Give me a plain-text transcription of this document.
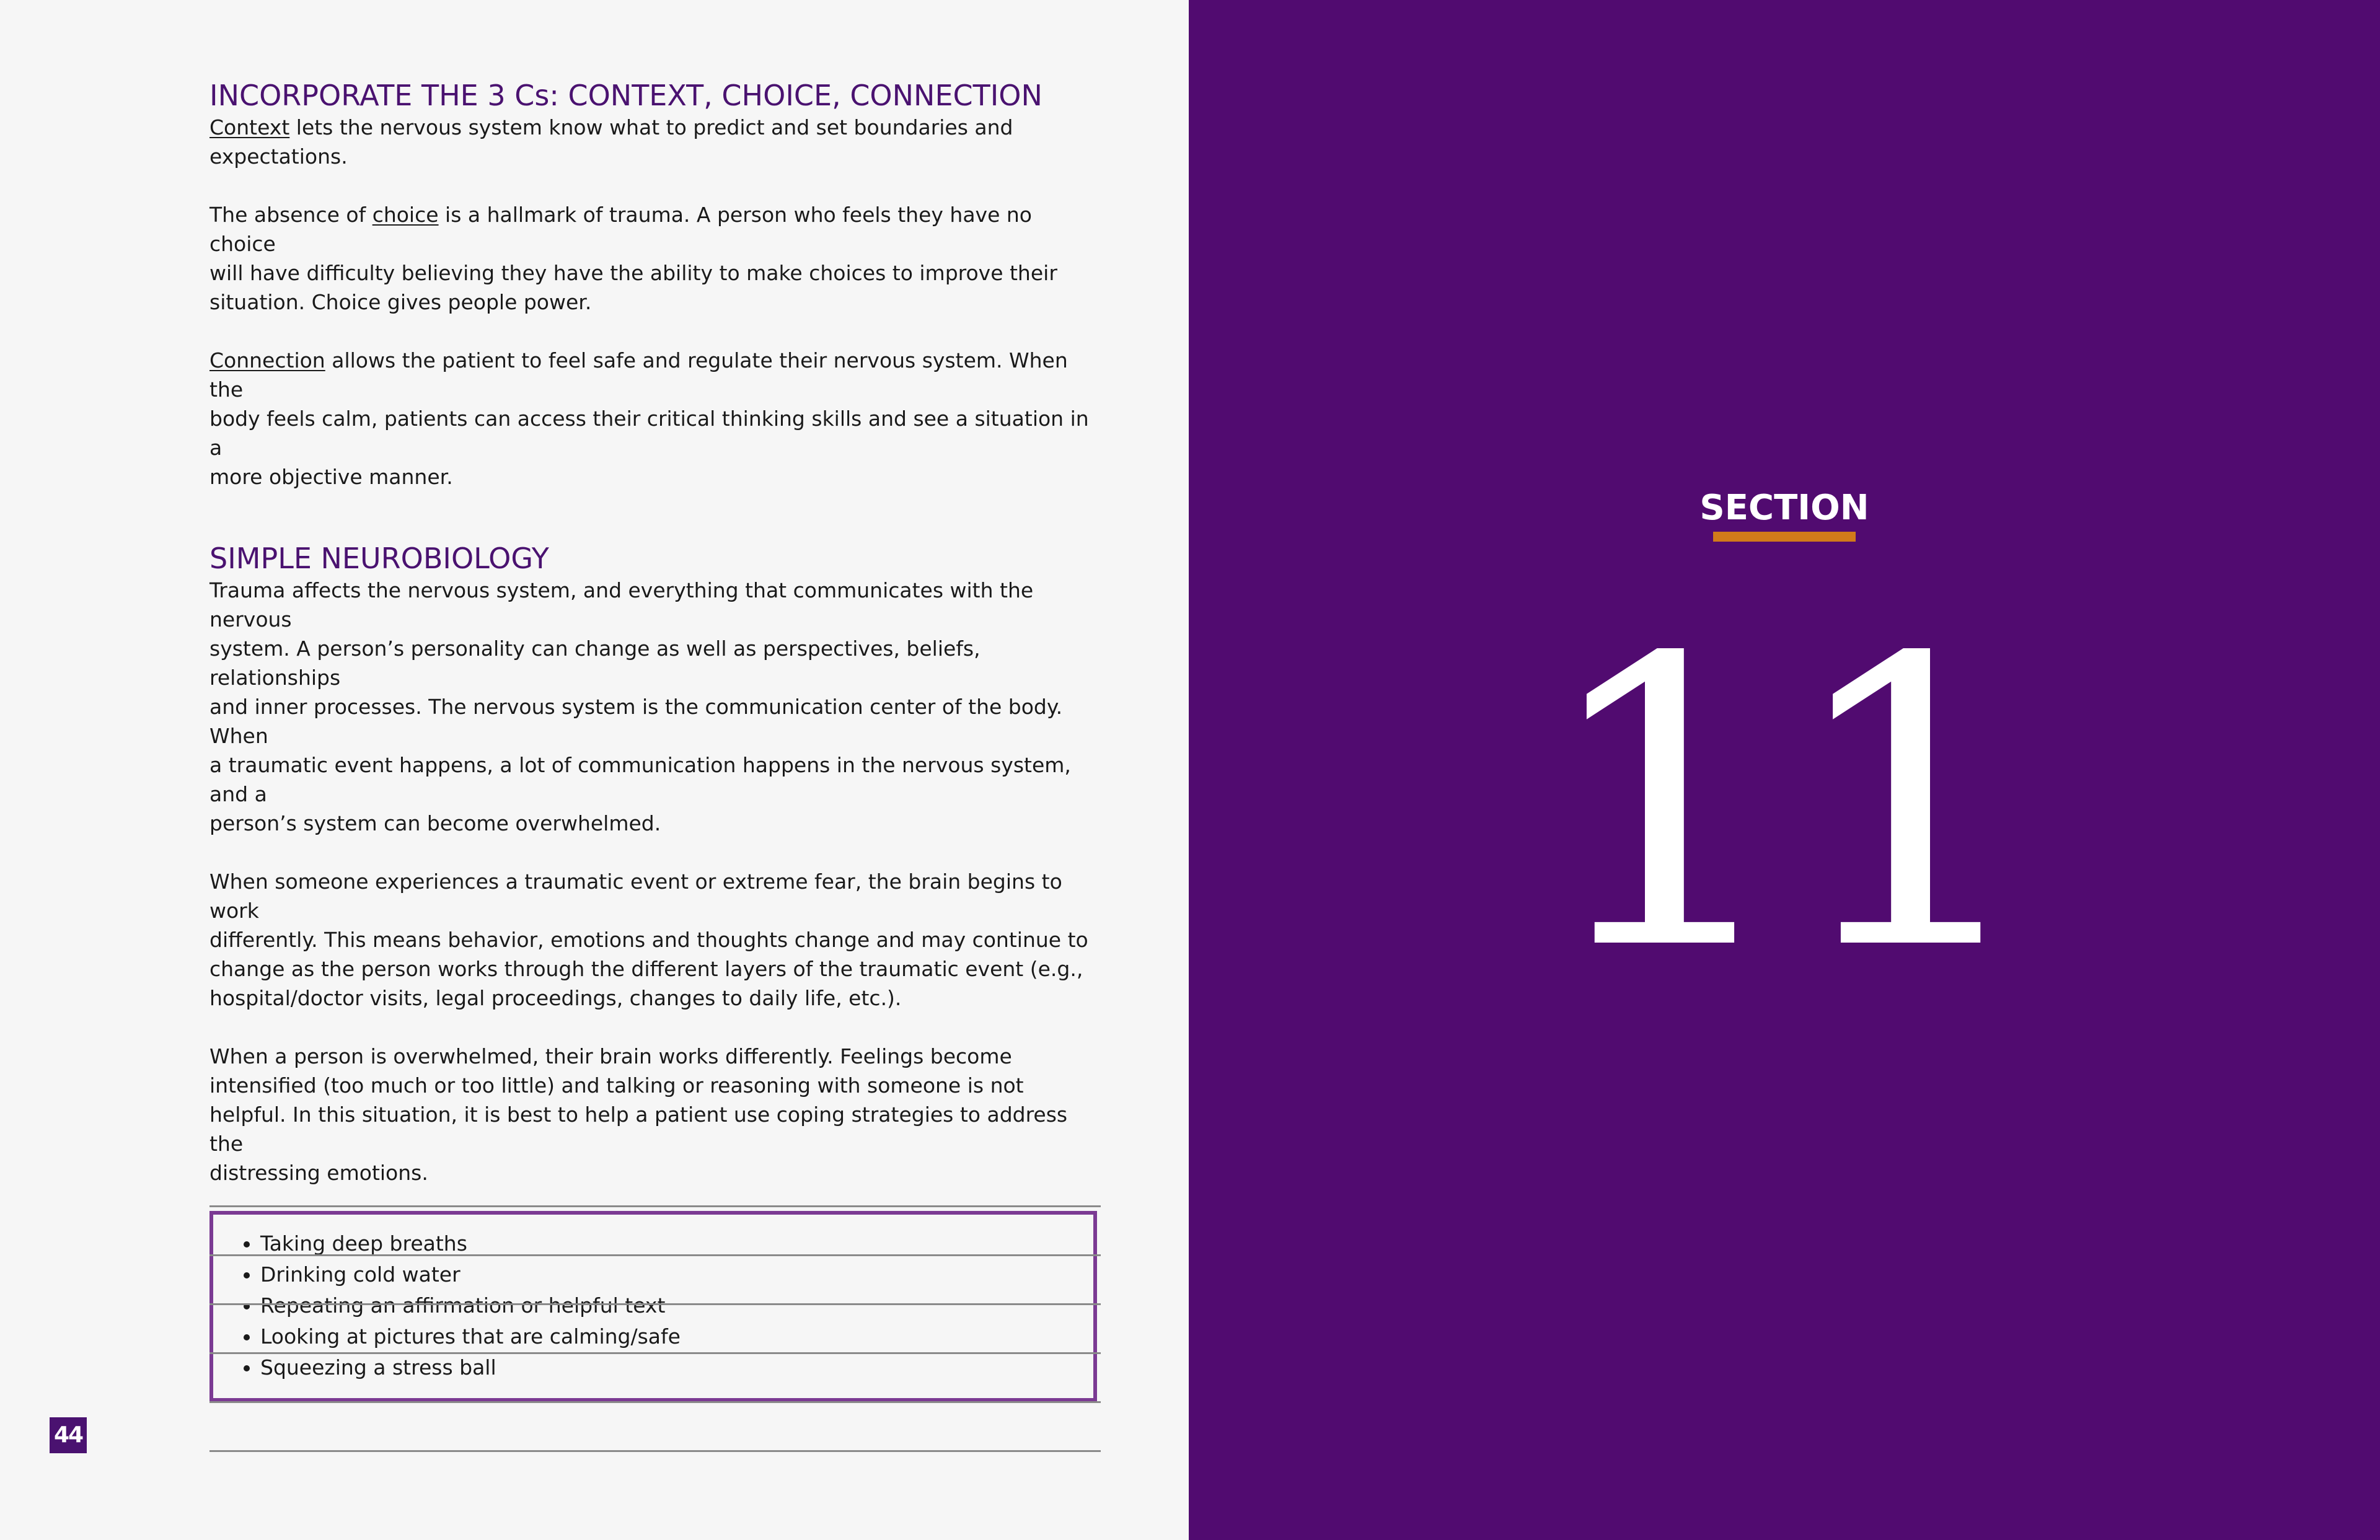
INCORPORATE THE 3 Cs: CONTEXT, CHOICE, CONNECTION

Context lets the nervous system know what to predict and set boundaries and
expectations.

The absence of choice is a hallmark of trauma. A person who feels they have no choice
will have difficulty believing they have the ability to make choices to improve their
situation. Choice gives people power.

Connection allows the patient to feel safe and regulate their nervous system. When the
body feels calm, patients can access their critical thinking skills and see a situation in a
more objective manner.

SIMPLE NEUROBIOLOGY

Trauma affects the nervous system, and everything that communicates with the nervous
system. A person’s personality can change as well as perspectives, beliefs, relationships
and inner processes. The nervous system is the communication center of the body. When
a traumatic event happens, a lot of communication happens in the nervous system, and a
person’s system can become overwhelmed.

When someone experiences a traumatic event or extreme fear, the brain begins to work
differently. This means behavior, emotions and thoughts change and may continue to
change as the person works through the different layers of the traumatic event (e.g.,
hospital/doctor visits, legal proceedings, changes to daily life, etc.).

When a person is overwhelmed, their brain works differently. Feelings become
intensified (too much or too little) and talking or reasoning with someone is not
helpful. In this situation, it is best to help a patient use coping strategies to address the
distressing emotions.

• Taking deep breaths
• Drinking cold water
• Repeating an affirmation or helpful text
• Looking at pictures that are calming/safe
• Squeezing a stress ball
44
SECTION
11
